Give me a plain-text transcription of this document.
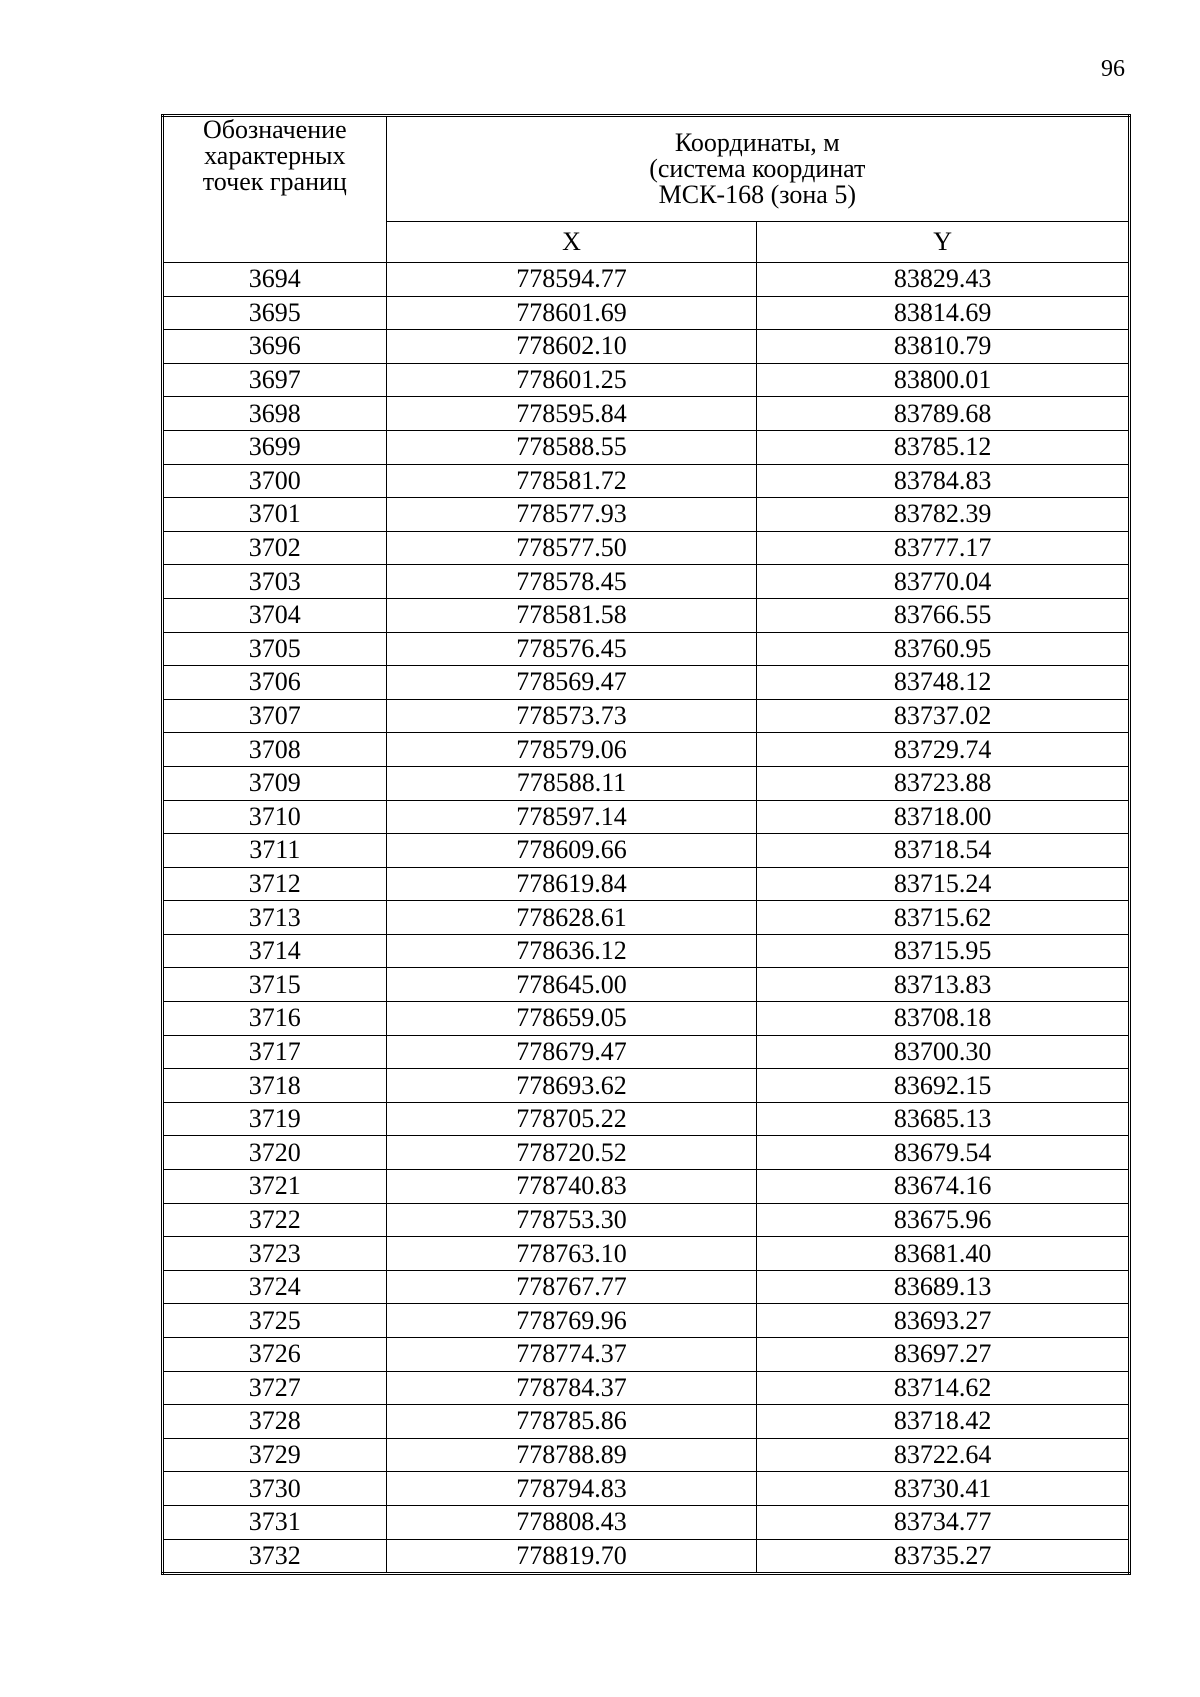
96
Обозначение
характерных
точек границ	Координаты, м
(система координат
МСК-168 (зона 5)	
	X	Y
3694	778594.77	83829.43
3695	778601.69	83814.69
3696	778602.10	83810.79
3697	778601.25	83800.01
3698	778595.84	83789.68
3699	778588.55	83785.12
3700	778581.72	83784.83
3701	778577.93	83782.39
3702	778577.50	83777.17
3703	778578.45	83770.04
3704	778581.58	83766.55
3705	778576.45	83760.95
3706	778569.47	83748.12
3707	778573.73	83737.02
3708	778579.06	83729.74
3709	778588.11	83723.88
3710	778597.14	83718.00
3711	778609.66	83718.54
3712	778619.84	83715.24
3713	778628.61	83715.62
3714	778636.12	83715.95
3715	778645.00	83713.83
3716	778659.05	83708.18
3717	778679.47	83700.30
3718	778693.62	83692.15
3719	778705.22	83685.13
3720	778720.52	83679.54
3721	778740.83	83674.16
3722	778753.30	83675.96
3723	778763.10	83681.40
3724	778767.77	83689.13
3725	778769.96	83693.27
3726	778774.37	83697.27
3727	778784.37	83714.62
3728	778785.86	83718.42
3729	778788.89	83722.64
3730	778794.83	83730.41
3731	778808.43	83734.77
3732	778819.70	83735.27
